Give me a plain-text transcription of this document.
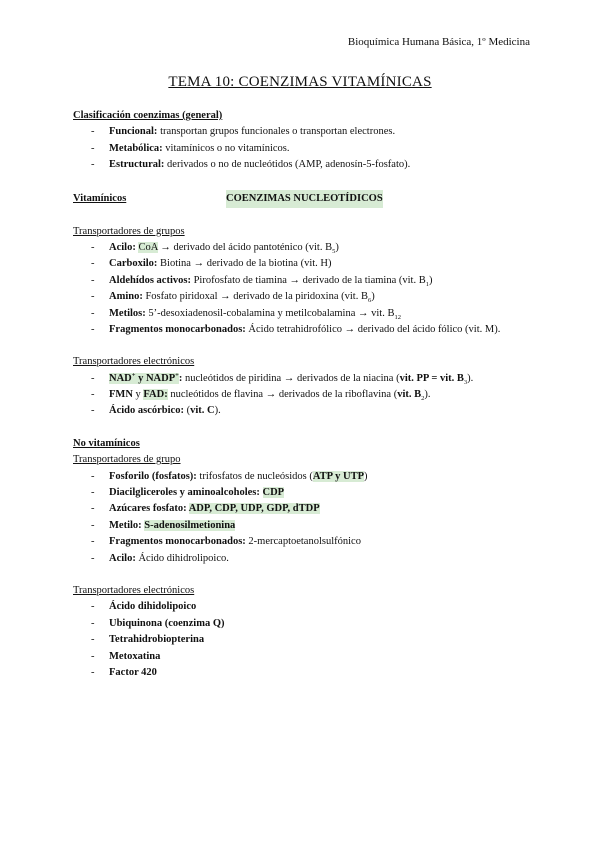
Bioquímica Humana Básica, 1º Medicina
TEMA 10: COENZIMAS VITAMÍNICAS
Clasificación coenzimas (general)
- Funcional: transportan grupos funcionales o transportan electrones.
- Metabólica: vitamínicos o no vitamínicos.
- Estructural: derivados o no de nucleótidos (AMP, adenosín-5-fosfato).
Vitamínicos	COENZIMAS NUCLEOTÍDICOS
Transportadores de grupos
- Acilo: CoA → derivado del ácido pantoténico (vit. $B_5$)
- Carboxilo: Biotina → derivado de la biotina (vit. H)
- Aldehídos activos: Pirofosfato de tiamina → derivado de la tiamina (vit. $B_1$)
- Amino: Fosfato piridoxal → derivado de la piridoxina (vit. $B_6$)
- Metilos: 5’-desoxiadenosil-cobalamina y metilcobalamina → vit. $B_{12}$
- Fragmentos monocarbonados: Ácido tetrahidrofólico → derivado del ácido fólico (vit. M).
Transportadores electrónicos
- NAD+ y NADP+: nucleótidos de piridina → derivados de la niacina (vit. PP = vit. $B_3$).
- FMN y FAD: nucleótidos de flavina → derivados de la riboflavina (vit. $B_2$).
- Ácido ascórbico: (vit. C).
No vitamínicos
Transportadores de grupo
- Fosforilo (fosfatos): trifosfatos de nucleósidos (ATP y UTP)
- Diacilgliceroles y aminoalcoholes: CDP
- Azúcares fosfato: ADP, CDP, UDP, GDP, dTDP
- Metilo: S-adenosilmetionina
- Fragmentos monocarbonados: 2-mercaptoetanolsulfónico
- Acilo: Ácido dihidrolipoico.
Transportadores electrónicos
- Ácido dihidolipoico
- Ubiquinona (coenzima Q)
- Tetrahidrobiopterina
- Metoxatina
- Factor 420
